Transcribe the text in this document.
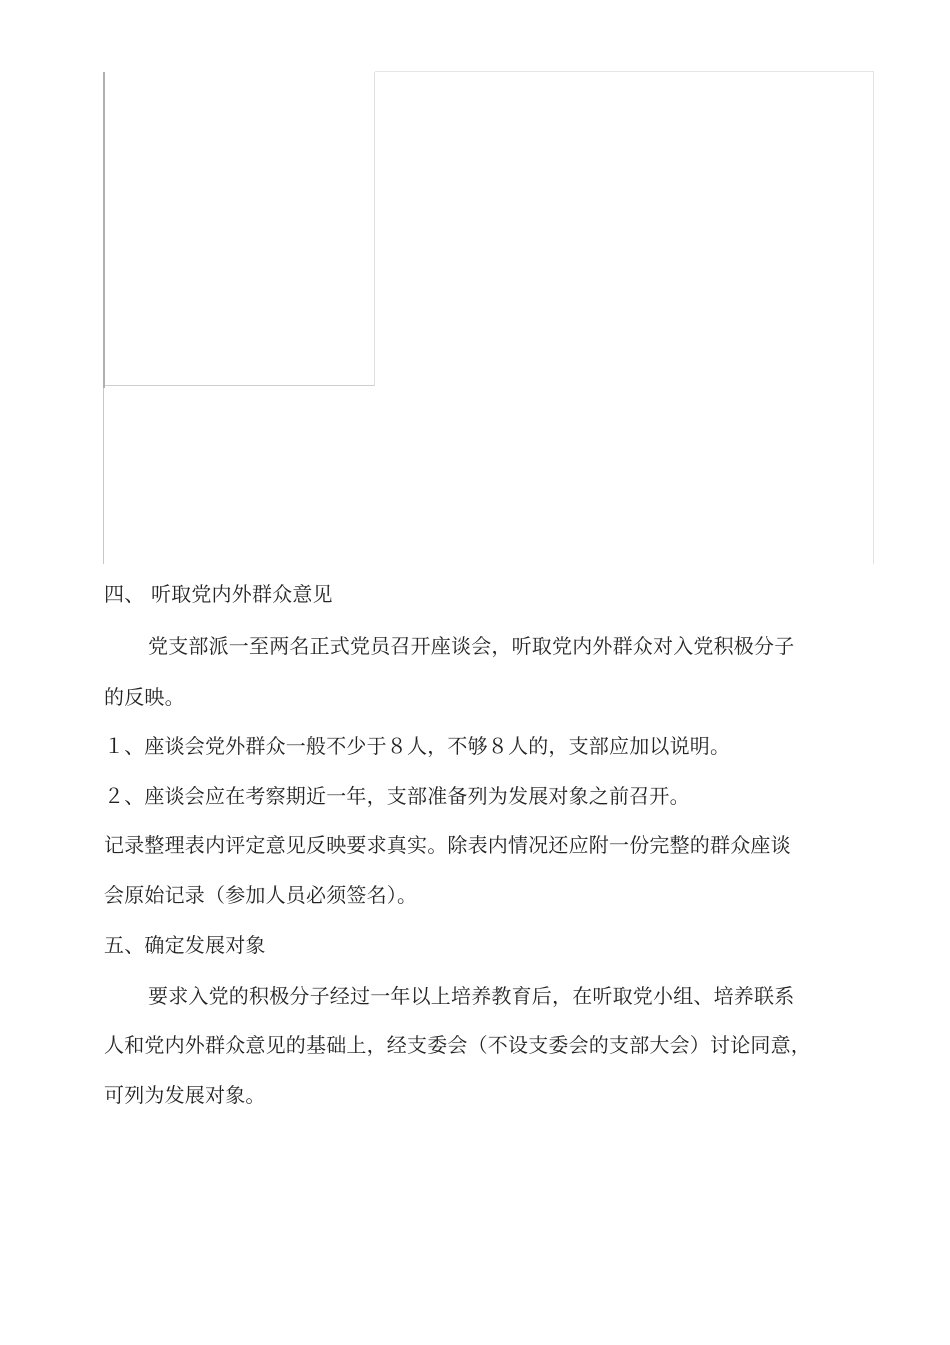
四、 听取党内外群众意见
党支部派一至两名正式党员召开座谈会，听取党内外群众对入党积极分子
的反映。
１、座谈会党外群众一般不少于８人，不够８人的，支部应加以说明。
２、座谈会应在考察期近一年，支部准备列为发展对象之前召开。
记录整理表内评定意见反映要求真实。除表内情况还应附一份完整的群众座谈
会原始记录（参加人员必须签名）。
五、确定发展对象
要求入党的积极分子经过一年以上培养教育后，在听取党小组、培养联系
人和党内外群众意见的基础上，经支委会（不设支委会的支部大会）讨论同意，
可列为发展对象。
